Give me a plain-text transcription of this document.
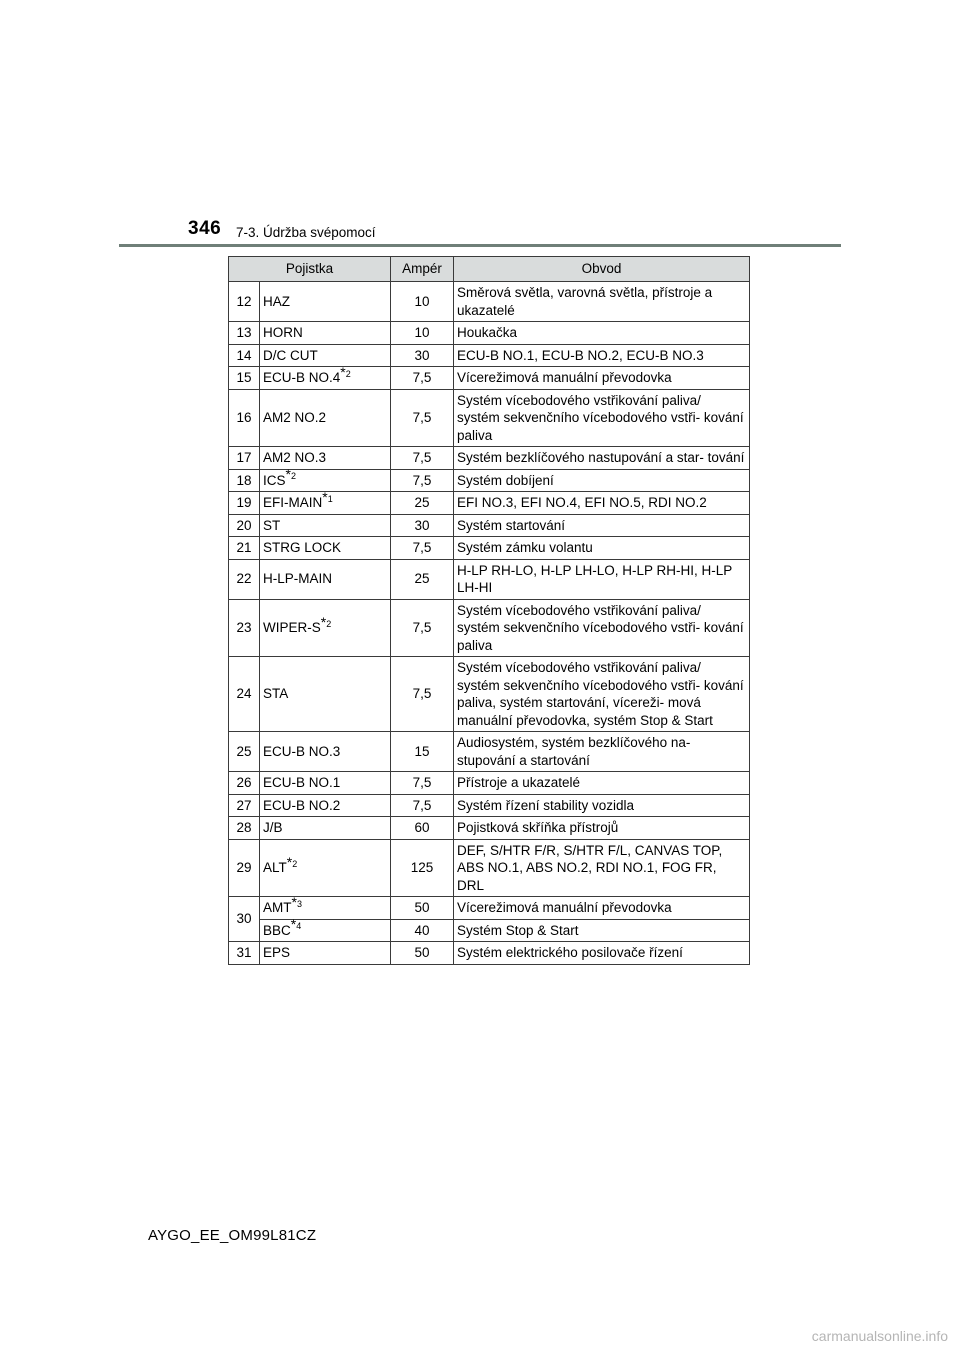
346 7-3. Údržba svépomocí
Pojistka		Ampér	Obvod
12	HAZ	10	Směrová světla, varovná světla, přístroje a ukazatelé
13	HORN	10	Houkačka
14	D/C CUT	30	ECU-B NO.1, ECU-B NO.2, ECU-B NO.3
15	ECU-B NO.4$^{*2}$	7,5	Vícerežimová manuální převodovka
16	AM2 NO.2	7,5	Systém vícebodového vstřikování paliva/ systém sekvenčního vícebodového vstři- kování paliva
17	AM2 NO.3	7,5	Systém bezklíčového nastupování a star- tování
18	ICS$^{*2}$	7,5	Systém dobíjení
19	EFI-MAIN$^{*1}$	25	EFI NO.3, EFI NO.4, EFI NO.5, RDI NO.2
20	ST	30	Systém startování
21	STRG LOCK	7,5	Systém zámku volantu
22	H-LP-MAIN	25	H-LP RH-LO, H-LP LH-LO, H-LP RH-HI, H-LP LH-HI
23	WIPER-S$^{*2}$	7,5	Systém vícebodového vstřikování paliva/ systém sekvenčního vícebodového vstři- kování paliva
24	STA	7,5	Systém vícebodového vstřikování paliva/ systém sekvenčního vícebodového vstři- kování paliva, systém startování, vícereži- mová manuální převodovka, systém Stop & Start
25	ECU-B NO.3	15	Audiosystém, systém bezklíčového na- stupování a startování
26	ECU-B NO.1	7,5	Přístroje a ukazatelé
27	ECU-B NO.2	7,5	Systém řízení stability vozidla
28	J/B	60	Pojistková skříňka přístrojů
29	ALT$^{*2}$	125	DEF, S/HTR F/R, S/HTR F/L, CANVAS TOP, ABS NO.1, ABS NO.2, RDI NO.1, FOG FR, DRL
30	AMT$^{*3}$	50	Vícerežimová manuální převodovka
	BBC$^{*4}$	40	Systém Stop & Start
31	EPS	50	Systém elektrického posilovače řízení
AYGO_EE_OM99L81CZ
carmanualsonline.info
